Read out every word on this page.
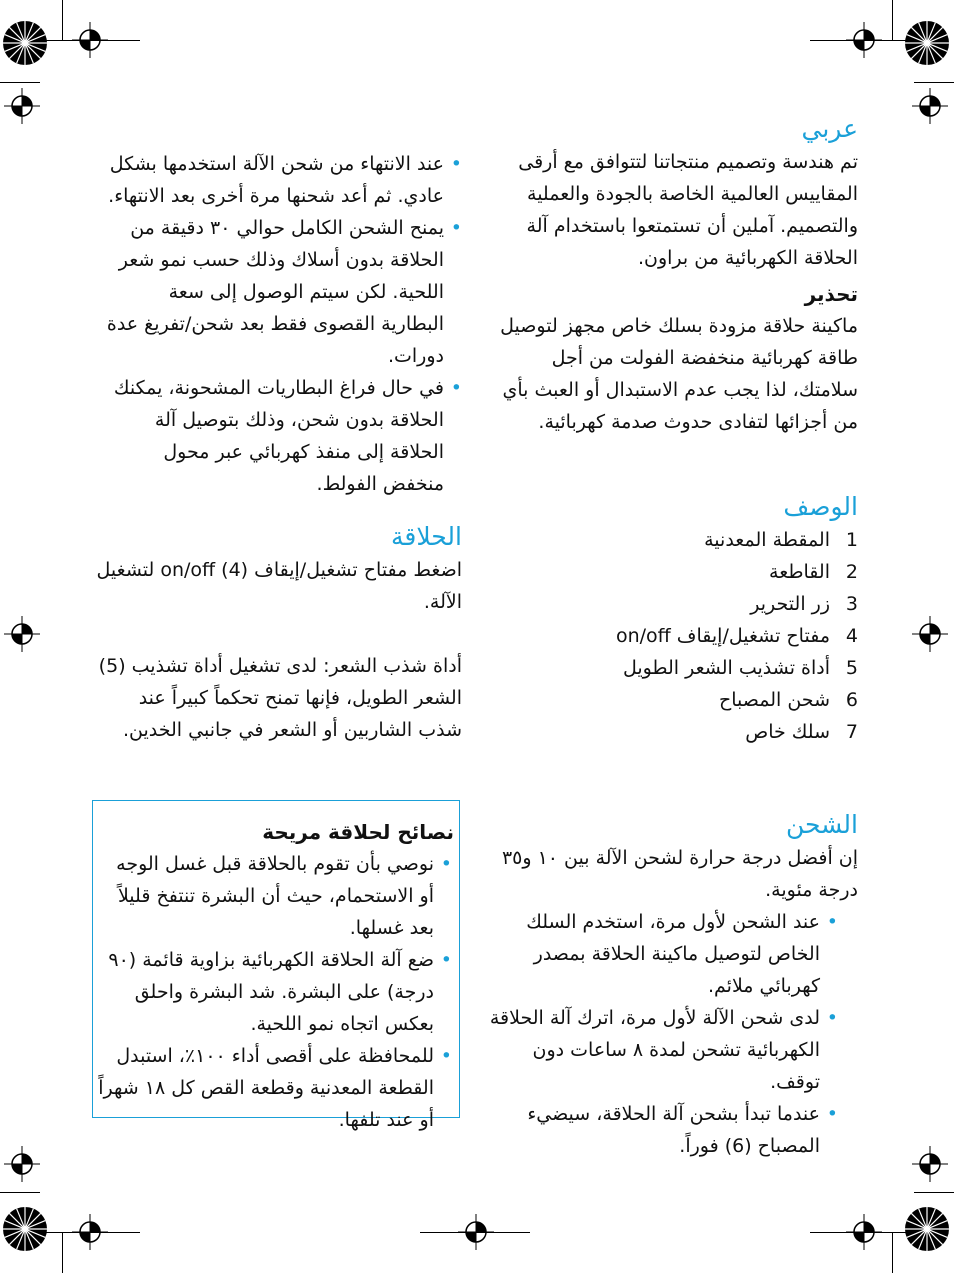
عربي

تم هندسة وتصميم منتجاتنا لتتوافق مع أرقى المقاييس العالمية الخاصة بالجودة والعملية والتصميم. آملين أن تستمتعوا باستخدام آلة الحلاقة الكهربائية من براون.

تحذير

ماكينة حلاقة مزودة بسلك خاص مجهز لتوصيل طاقة كهربائية منخفضة الفولت من أجل سلامتك، لذا يجب عدم الاستبدال أو العبث بأي من أجزائها لتفادى حدوث صدمة كهربائية.

الوصف
1
المقطة المعدنية
2
القاطعة
3
زر التحرير
4
مفتاح تشغيل/إيقاف on/off
5
أداة تشذيب الشعر الطويل
6
شحن المصباح
7
سلك خاص
الشحن

إن أفضل درجة حرارة لشحن الآلة بين ١٠ و٣٥ درجة مئوية.

• عند الشحن لأول مرة، استخدم السلك الخاص لتوصيل ماكينة الحلاقة بمصدر كهربائي ملائم.
• لدى شحن الآلة لأول مرة، اترك آلة الحلاقة الكهربائية تشحن لمدة ٨ ساعات دون توقف.
• عندما تبدأ بشحن آلة الحلاقة، سيضيء المصباح (6) فوراً.
• عند الانتهاء من شحن الآلة استخدمها بشكل عادي. ثم أعد شحنها مرة أخرى بعد الانتهاء.
• يمنح الشحن الكامل حوالي ٣٠ دقيقة من الحلاقة بدون أسلاك وذلك حسب نمو شعر اللحية. لكن سيتم الوصول إلى سعة البطارية القصوى فقط بعد شحن/تفريغ عدة دورات.
• في حال فراغ البطاريات المشحونة، يمكنك الحلاقة بدون شحن، وذلك بتوصيل آلة الحلاقة إلى منفذ كهربائي عبر محول منخفض الفولط.
الحلاقة

اضغط مفتاح تشغيل/إيقاف on/off (4) لتشغيل الآلة.

أداة شذب الشعر: لدى تشغيل أداة تشذيب (5) الشعر الطويل، فإنها تمنح تحكماً كبيراً عند شذب الشاربين أو الشعر في جانبي الخدين.

نصائح لحلاقة مريحة
• نوصي بأن تقوم بالحلاقة قبل غسل الوجه أو الاستحمام، حيث أن البشرة تنتفخ قليلاً بعد غسلها.
• ضع آلة الحلاقة الكهربائية بزاوية قائمة (٩٠ درجة) على البشرة. شد البشرة واحلق بعكس اتجاه نمو اللحية.
• للمحافظة على أقصى أداء ١٠٠٪، استبدل القطعة المعدنية وقطعة القص كل ١٨ شهراً أو عند تلفها.
